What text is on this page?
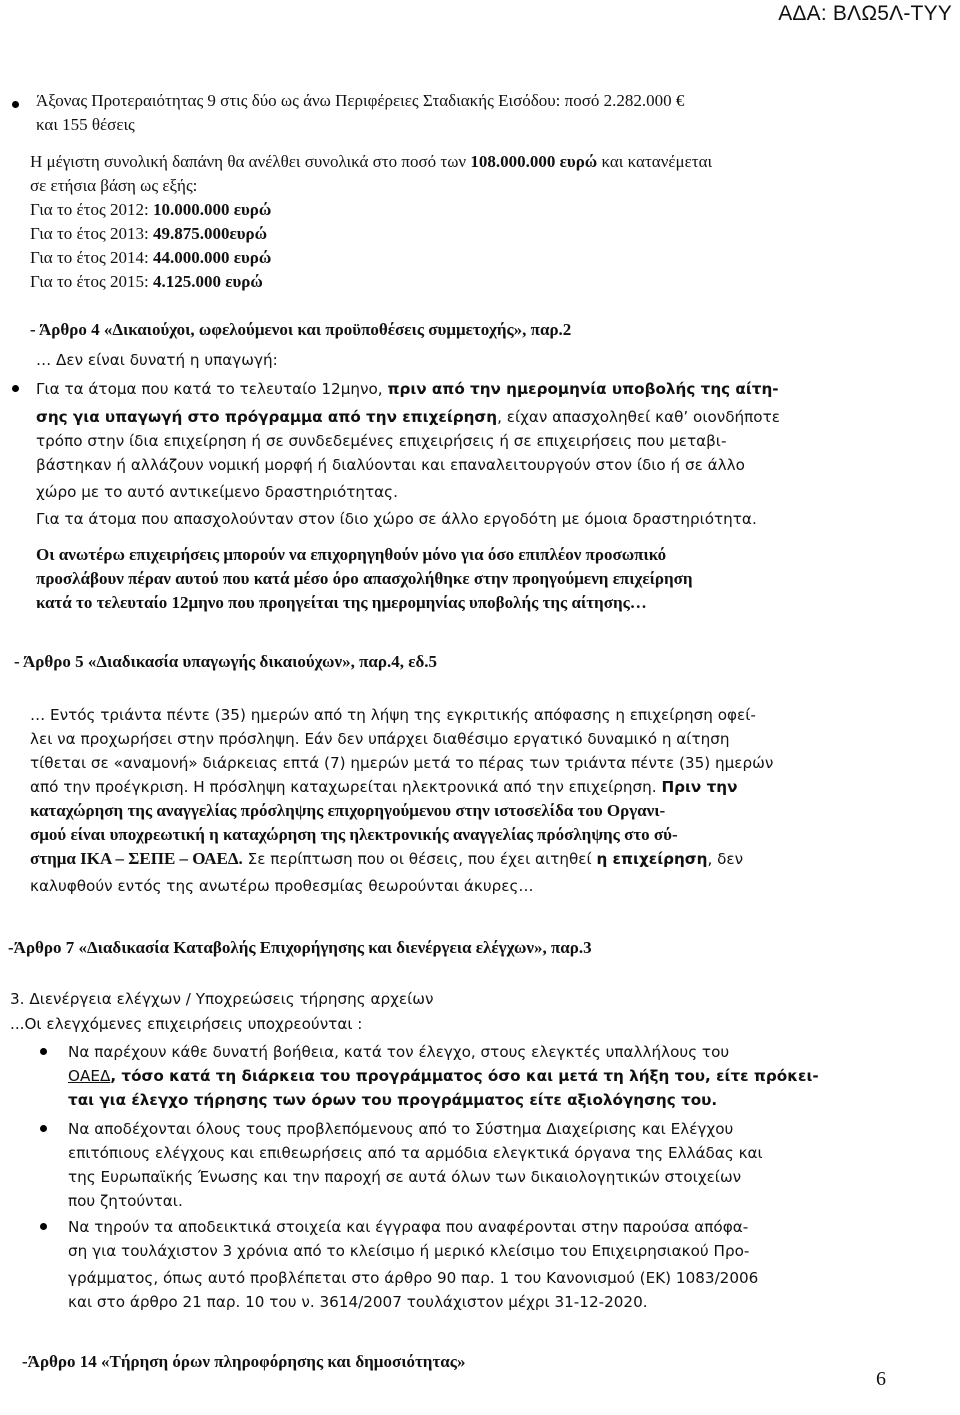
ΑΔΑ: ΒΛΩ5Λ-ΤΥΥ
Άξονας Προτεραιότητας 9 στις δύο ως άνω Περιφέρειες Σταδιακής Εισόδου: ποσό 2.282.000 €
και 155 θέσεις
Η μέγιστη συνολική δαπάνη θα ανέλθει συνολικά στο ποσό των 108.000.000 ευρώ και κατανέμεται
σε ετήσια βάση ως εξής:
Για το έτος 2012: 10.000.000 ευρώ
Για το έτος 2013: 49.875.000ευρώ
Για το έτος 2014: 44.000.000 ευρώ
Για το έτος 2015: 4.125.000 ευρώ
- Άρθρο 4 «Δικαιούχοι, ωφελούμενοι και προϋποθέσεις συμμετοχής», παρ.2
… Δεν είναι δυνατή η υπαγωγή:
Για τα άτομα που κατά το τελευταίο 12μηνο, πριν από την ημερομηνία υποβολής της αίτη-
σης για υπαγωγή στο πρόγραμμα από την επιχείρηση, είχαν απασχοληθεί καθ’ οιονδήποτε
τρόπο στην ίδια επιχείρηση ή σε συνδεδεμένες επιχειρήσεις ή σε επιχειρήσεις που μεταβι-
βάστηκαν ή αλλάζουν νομική μορφή ή διαλύονται και επαναλειτουργούν στον ίδιο ή σε άλλο
χώρο με το αυτό αντικείμενο δραστηριότητας.
Για τα άτομα που απασχολούνταν στον ίδιο χώρο σε άλλο εργοδότη με όμοια δραστηριότητα.
Οι ανωτέρω επιχειρήσεις μπορούν να επιχορηγηθούν μόνο για όσο επιπλέον προσωπικό
προσλάβουν πέραν αυτού που κατά μέσο όρο απασχολήθηκε στην προηγούμενη επιχείρηση
κατά το τελευταίο 12μηνο που προηγείται της ημερομηνίας υποβολής της αίτησης…
- Άρθρο 5 «Διαδικασία υπαγωγής δικαιούχων», παρ.4, εδ.5
… Εντός τριάντα πέντε (35) ημερών από τη λήψη της εγκριτικής απόφασης η επιχείρηση οφεί-
λει να προχωρήσει στην πρόσληψη. Εάν δεν υπάρχει διαθέσιμο εργατικό δυναμικό η αίτηση
τίθεται σε «αναμονή» διάρκειας επτά (7) ημερών μετά το πέρας των τριάντα πέντε (35) ημερών
από την προέγκριση. Η πρόσληψη καταχωρείται ηλεκτρονικά από την επιχείρηση. Πριν την
καταχώρηση της αναγγελίας πρόσληψης επιχορηγούμενου στην ιστοσελίδα του Οργανι-
σμού είναι υποχρεωτική η καταχώρηση της ηλεκτρονικής αναγγελίας πρόσληψης στο σύ-
στημα ΙΚΑ – ΣΕΠΕ – ΟΑΕΔ. Σε περίπτωση που οι θέσεις, που έχει αιτηθεί η επιχείρηση, δεν
καλυφθούν εντός της ανωτέρω προθεσμίας θεωρούνται άκυρες…
-Άρθρο 7 «Διαδικασία Καταβολής Επιχορήγησης και διενέργεια ελέγχων», παρ.3
3. Διενέργεια ελέγχων / Υποχρεώσεις τήρησης αρχείων
...Οι ελεγχόμενες επιχειρήσεις υποχρεούνται :
Να παρέχουν κάθε δυνατή βοήθεια, κατά τον έλεγχο, στους ελεγκτές υπαλλήλους του
ΟΑΕΔ, τόσο κατά τη διάρκεια του προγράμματος όσο και μετά τη λήξη του, είτε πρόκει-
ται για έλεγχο τήρησης των όρων του προγράμματος είτε αξιολόγησης του.
Να αποδέχονται όλους τους προβλεπόμενους από το Σύστημα Διαχείρισης και Ελέγχου
επιτόπιους ελέγχους και επιθεωρήσεις από τα αρμόδια ελεγκτικά όργανα της Ελλάδας και
της Ευρωπαϊκής Ένωσης και την παροχή σε αυτά όλων των δικαιολογητικών στοιχείων
που ζητούνται.
Να τηρούν τα αποδεικτικά στοιχεία και έγγραφα που αναφέρονται στην παρούσα απόφα-
ση για τουλάχιστον 3 χρόνια από το κλείσιμο ή μερικό κλείσιμο του Επιχειρησιακού Προ-
γράμματος, όπως αυτό προβλέπεται στο άρθρο 90 παρ. 1 του Κανονισμού (ΕΚ) 1083/2006
και στο άρθρο 21 παρ. 10 του ν. 3614/2007 τουλάχιστον μέχρι 31-12-2020.
-Άρθρο 14 «Τήρηση όρων πληροφόρησης και δημοσιότητας»
6
